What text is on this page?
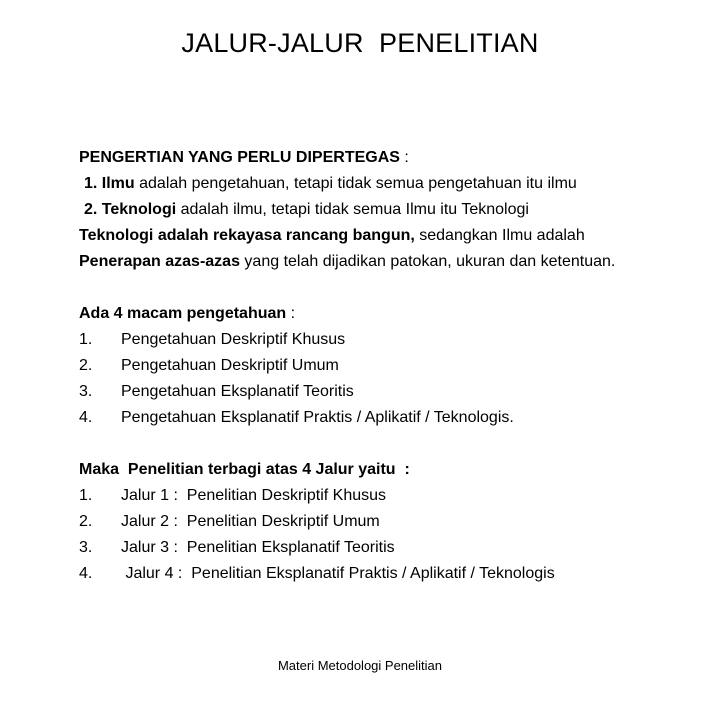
JALUR-JALUR  PENELITIAN
PENGERTIAN YANG PERLU DIPERTEGAS :
1. Ilmu adalah pengetahuan, tetapi tidak semua pengetahuan itu ilmu
2. Teknologi adalah ilmu, tetapi tidak semua Ilmu itu Teknologi
Teknologi adalah rekayasa rancang bangun, sedangkan Ilmu adalah
Penerapan azas-azas yang telah dijadikan patokan, ukuran dan ketentuan.
Ada 4 macam pengetahuan :
1. Pengetahuan Deskriptif Khusus
2. Pengetahuan Deskriptif Umum
3. Pengetahuan Eksplanatif Teoritis
4. Pengetahuan Eksplanatif Praktis / Aplikatif / Teknologis.
Maka  Penelitian terbagi atas 4 Jalur yaitu  :
1. Jalur 1 :  Penelitian Deskriptif Khusus
2. Jalur 2 :  Penelitian Deskriptif Umum
3. Jalur 3 :  Penelitian Eksplanatif Teoritis
4. Jalur 4 :  Penelitian Eksplanatif Praktis / Aplikatif / Teknologis
Materi Metodologi Penelitian
